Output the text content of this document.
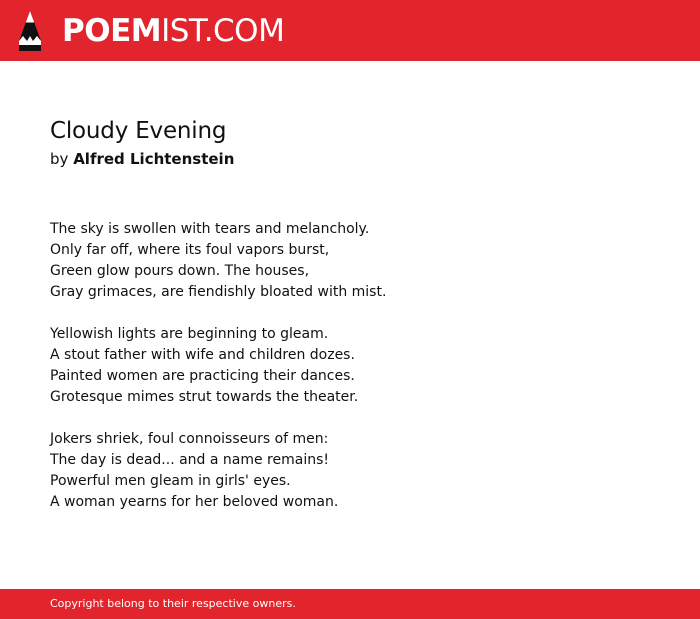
POEMIST.COM
Cloudy Evening
by Alfred Lichtenstein

The sky is swollen with tears and melancholy.
Only far off, where its foul vapors burst,
Green glow pours down. The houses,
Gray grimaces, are fiendishly bloated with mist.

Yellowish lights are beginning to gleam.
A stout father with wife and children dozes.
Painted women are practicing their dances.
Grotesque mimes strut towards the theater.

Jokers shriek, foul connoisseurs of men:
The day is dead... and a name remains!
Powerful men gleam in girls' eyes.
A woman yearns for her beloved woman.

Copyright belong to their respective owners.
